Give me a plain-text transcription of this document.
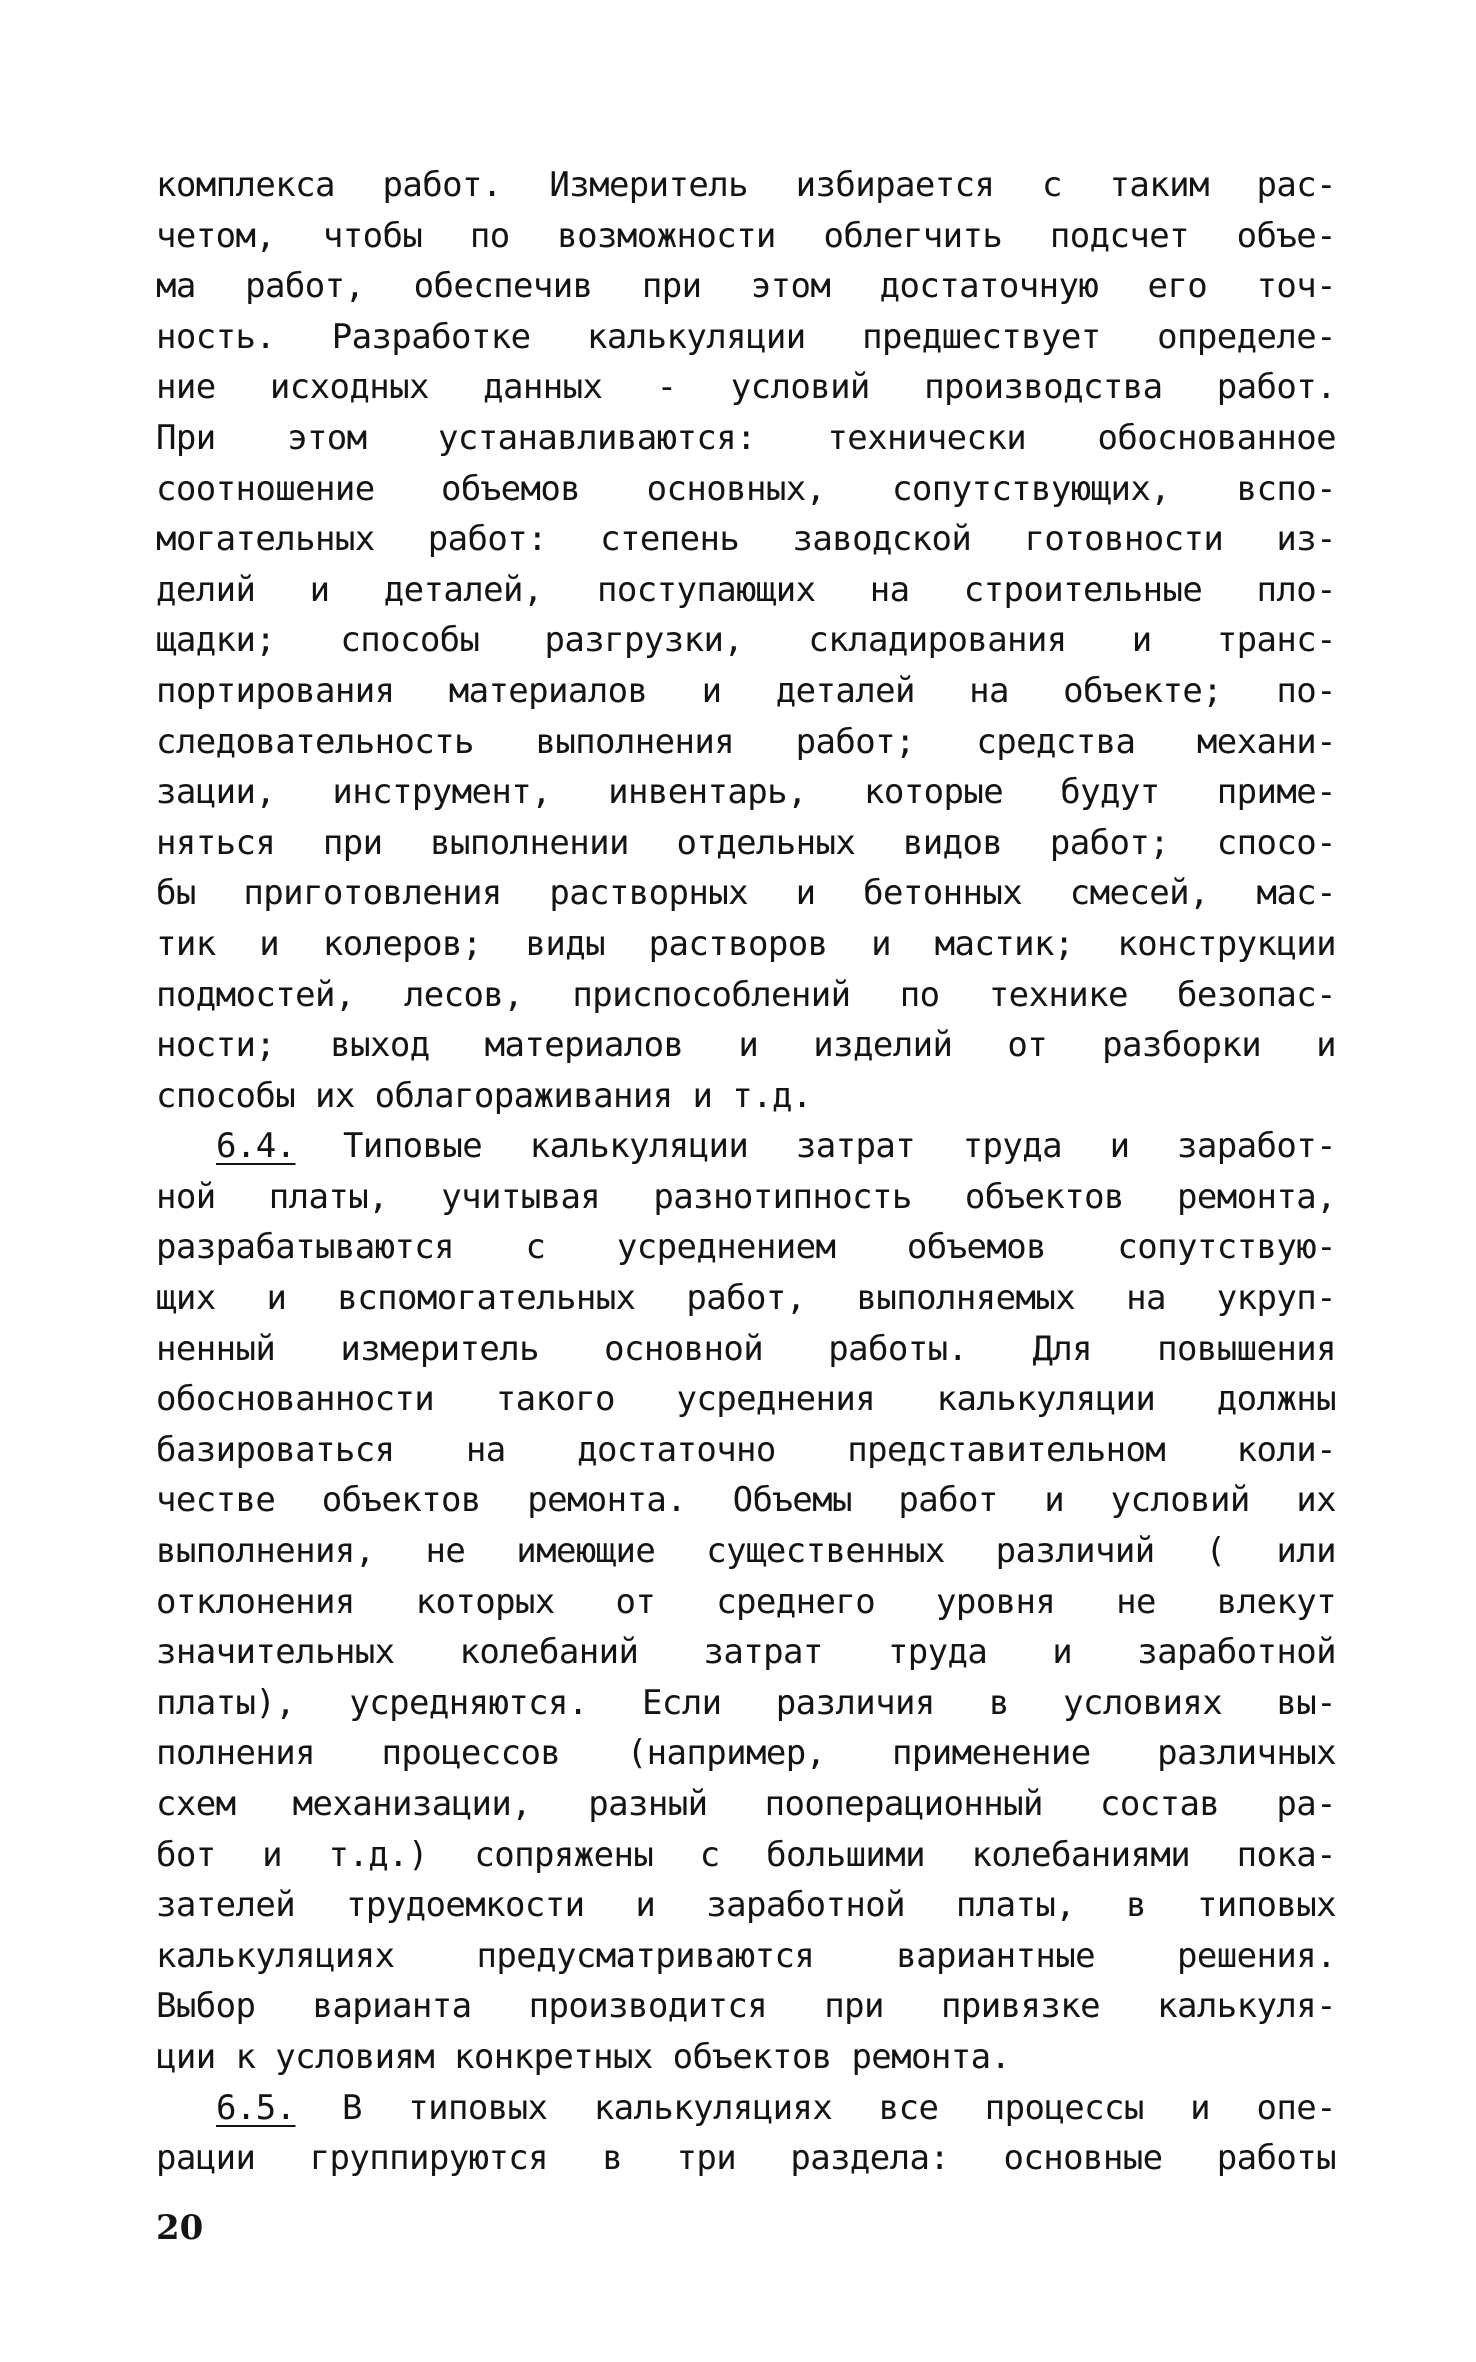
комплекса работ. Измеритель избирается с таким рас-
четом, чтобы по возможности облегчить подсчет объе-
ма работ, обеспечив при этом достаточную его точ-
ность. Разработке калькуляции предшествует определе-
ние исходных данных - условий производства работ.
При этом устанавливаются: технически обоснованное
соотношение объемов основных, сопутствующих, вспо-
могательных работ: степень заводской готовности из-
делий и деталей, поступающих на строительные пло-
щадки; способы разгрузки, складирования и транс-
портирования материалов и деталей на объекте; по-
следовательность выполнения работ; средства механи-
зации, инструмент, инвентарь, которые будут приме-
няться при выполнении отдельных видов работ; спосо-
бы приготовления растворных и бетонных смесей, мас-
тик и колеров; виды растворов и мастик; конструкции
подмостей, лесов, приспособлений по технике безопас-
ности; выход материалов и изделий от разборки и
способы их облагораживания и т.д.
6.4. Типовые калькуляции затрат труда и заработ-
ной платы, учитывая разнотипность объектов ремонта,
разрабатываются с усреднением объемов сопутствую-
щих и вспомогательных работ, выполняемых на укруп-
ненный измеритель основной работы. Для повышения
обоснованности такого усреднения калькуляции должны
базироваться на достаточно представительном коли-
честве объектов ремонта. Объемы работ и условий их
выполнения, не имеющие существенных различий ( или
отклонения которых от среднего уровня не влекут
значительных колебаний затрат труда и заработной
платы), усредняются. Если различия в условиях вы-
полнения процессов (например, применение различных
схем механизации, разный пооперационный состав ра-
бот и т.д.) сопряжены с большими колебаниями пока-
зателей трудоемкости и заработной платы, в типовых
калькуляциях предусматриваются вариантные решения.
Выбор варианта производится при привязке калькуля-
ции к условиям конкретных объектов ремонта.
6.5. В типовых калькуляциях все процессы и опе-
рации группируются в три раздела: основные работы
20
